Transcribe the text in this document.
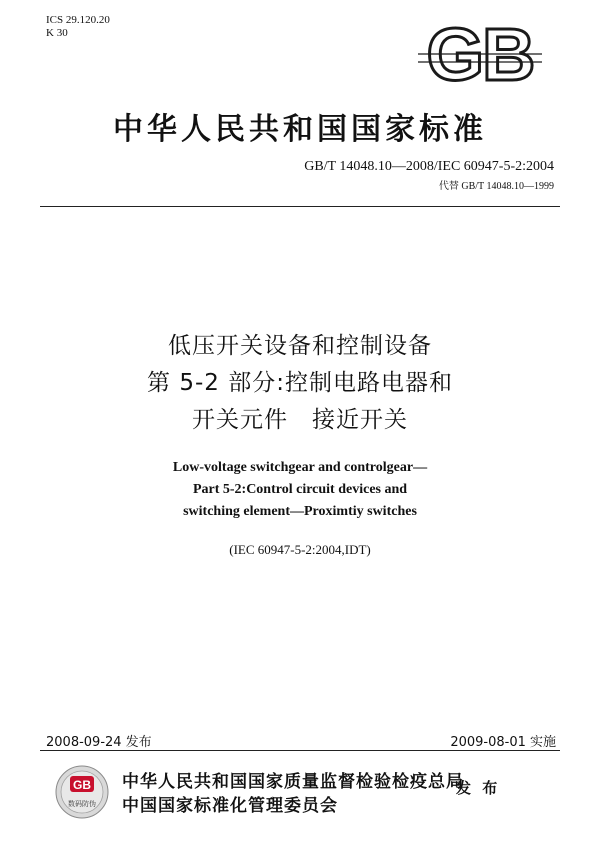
ICS 29.120.20
K 30	GB
中华人民共和国国家标准
GB/T 14048.10—2008/IEC 60947-5-2:2004
代替 GB/T 14048.10—1999
低压开关设备和控制设备
第 5-2 部分:控制电路电器和
开关元件　接近开关
Low-voltage switchgear and controlgear—
Part 5-2:Control circuit devices and
switching element—Proximtiy switches
(IEC 60947-5-2:2004,IDT)
2008-09-24 发布	2009-08-01 实施
GB
数码防伪
中华人民共和国国家质量监督检验检疫总局
中国国家标准化管理委员会
发 布
